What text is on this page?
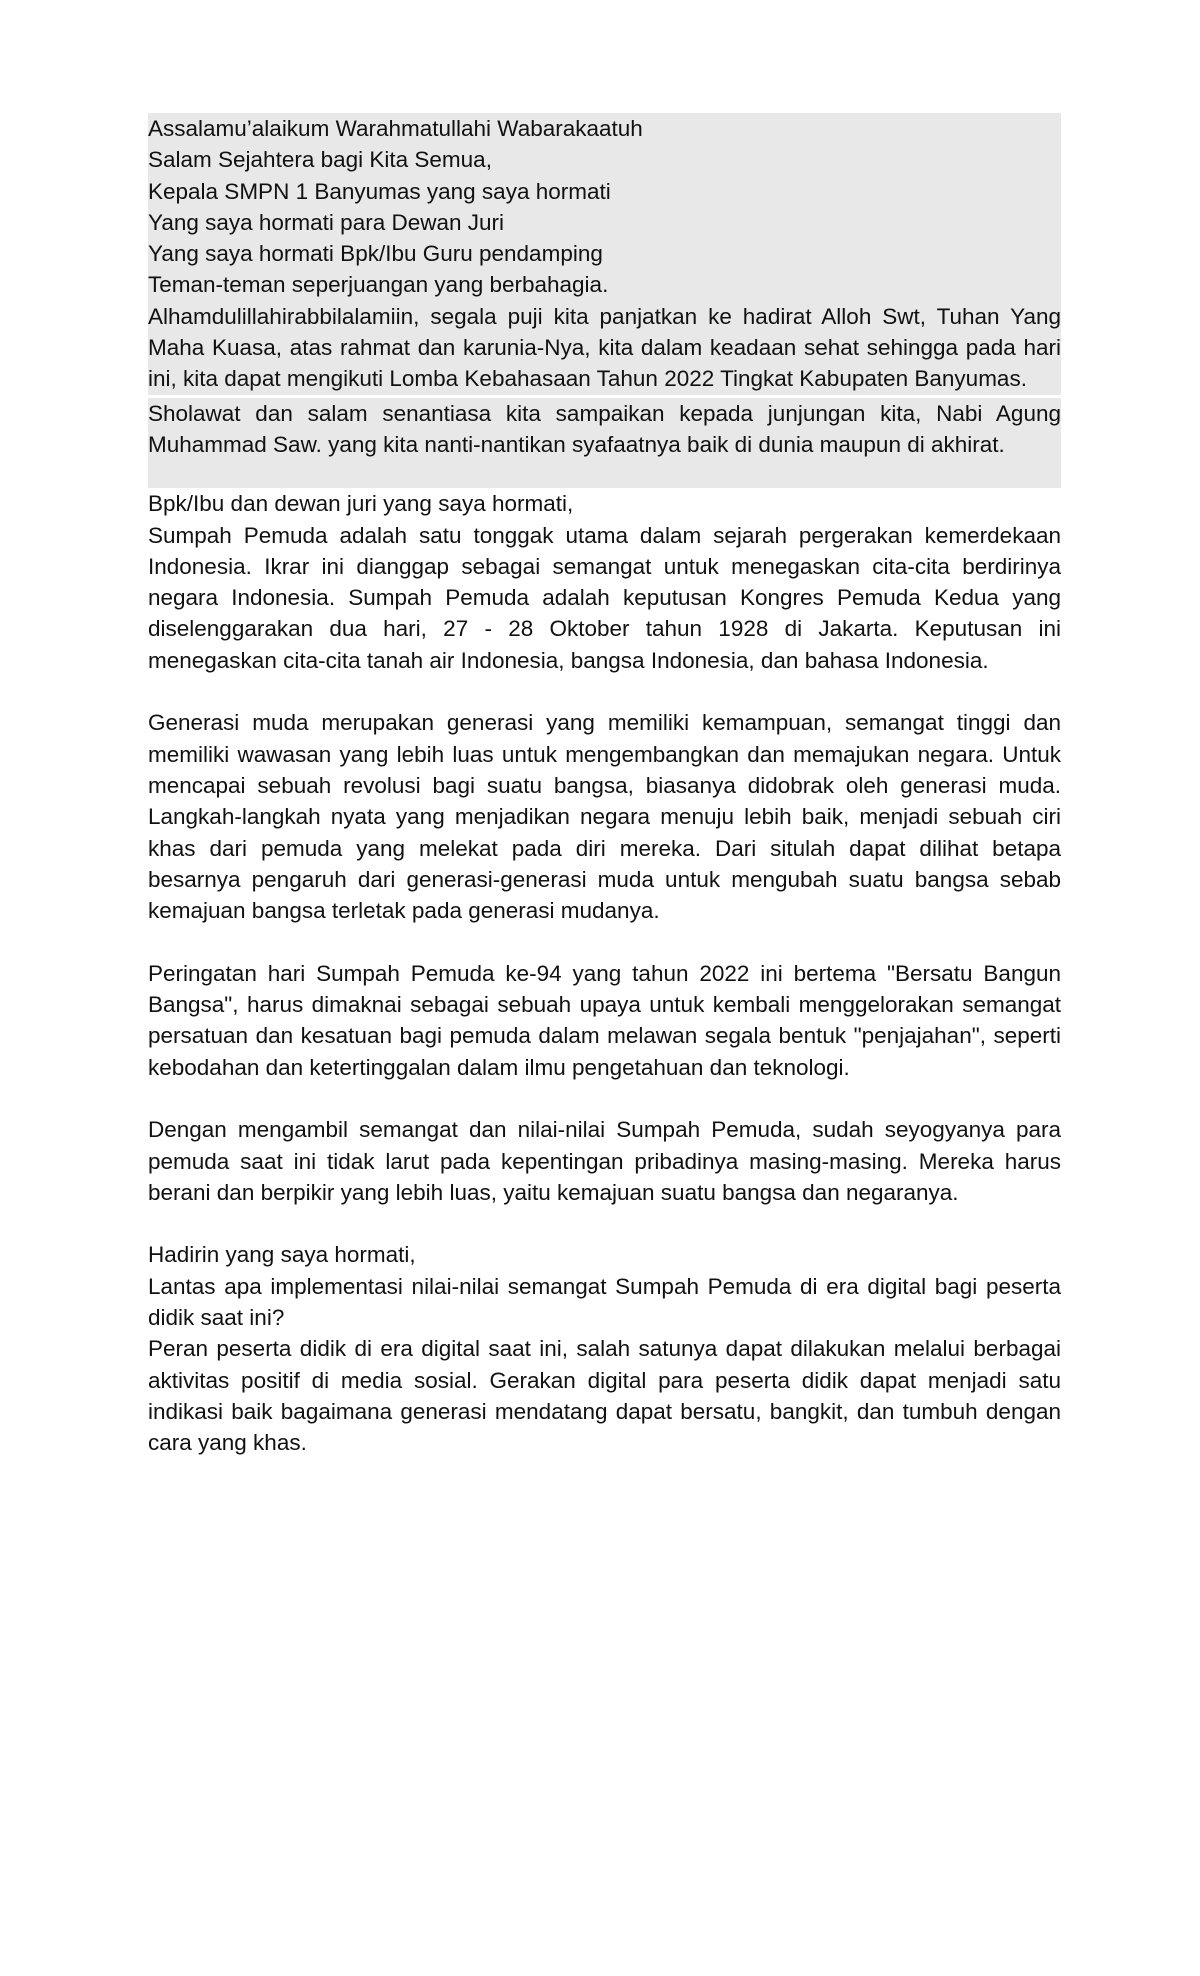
Assalamu’alaikum Warahmatullahi Wabarakaatuh
Salam Sejahtera bagi Kita Semua,
Kepala SMPN 1 Banyumas yang saya hormati
Yang saya hormati para Dewan Juri
Yang saya hormati Bpk/Ibu Guru pendamping
Teman-teman seperjuangan yang berbahagia.

Alhamdulillahirabbilalamiin, segala puji kita panjatkan ke hadirat Alloh Swt, Tuhan Yang Maha Kuasa, atas rahmat dan karunia-Nya, kita dalam keadaan sehat sehingga pada hari ini, kita dapat mengikuti Lomba Kebahasaan Tahun 2022 Tingkat Kabupaten Banyumas.

Sholawat dan salam senantiasa kita sampaikan kepada junjungan kita, Nabi Agung Muhammad Saw. yang kita nanti-nantikan syafaatnya baik di dunia maupun di akhirat.

Bpk/Ibu dan dewan juri yang saya hormati,

Sumpah Pemuda adalah satu tonggak utama dalam sejarah pergerakan kemerdekaan Indonesia. Ikrar ini dianggap sebagai semangat untuk menegaskan cita-cita berdirinya negara Indonesia. Sumpah Pemuda adalah keputusan Kongres Pemuda Kedua yang diselenggarakan dua hari, 27 - 28 Oktober tahun 1928 di Jakarta. Keputusan ini menegaskan cita-cita tanah air Indonesia, bangsa Indonesia, dan bahasa Indonesia.

Generasi muda merupakan generasi yang memiliki kemampuan, semangat tinggi dan memiliki wawasan yang lebih luas untuk mengembangkan dan memajukan negara. Untuk mencapai sebuah revolusi bagi suatu bangsa, biasanya didobrak oleh generasi muda. Langkah-langkah nyata yang menjadikan negara menuju lebih baik, menjadi sebuah ciri khas dari pemuda yang melekat pada diri mereka. Dari situlah dapat dilihat betapa besarnya pengaruh dari generasi-generasi muda untuk mengubah suatu bangsa sebab kemajuan bangsa terletak pada generasi mudanya.

Peringatan hari Sumpah Pemuda ke-94 yang tahun 2022 ini bertema "Bersatu Bangun Bangsa", harus dimaknai sebagai sebuah upaya untuk kembali menggelorakan semangat persatuan dan kesatuan bagi pemuda dalam melawan segala bentuk "penjajahan", seperti kebodahan dan ketertinggalan dalam ilmu pengetahuan dan teknologi.

Dengan mengambil semangat dan nilai-nilai Sumpah Pemuda, sudah seyogyanya para pemuda saat ini tidak larut pada kepentingan pribadinya masing-masing. Mereka harus berani dan berpikir yang lebih luas, yaitu kemajuan suatu bangsa dan negaranya.

Hadirin yang saya hormati,

Lantas apa implementasi nilai-nilai semangat Sumpah Pemuda di era digital bagi peserta didik saat ini?

Peran peserta didik di era digital saat ini, salah satunya dapat dilakukan melalui berbagai aktivitas positif di media sosial. Gerakan digital para peserta didik dapat menjadi satu indikasi baik bagaimana generasi mendatang dapat bersatu, bangkit, dan tumbuh dengan cara yang khas.
